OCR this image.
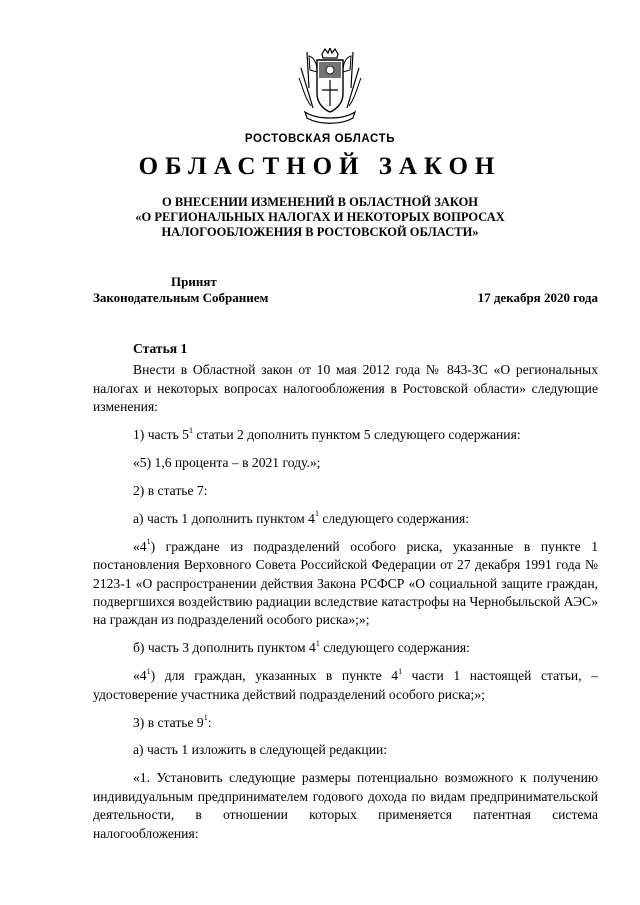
РОСТОВСКАЯ ОБЛАСТЬ
ОБЛАСТНОЙ ЗАКОН
О ВНЕСЕНИИ ИЗМЕНЕНИЙ В ОБЛАСТНОЙ ЗАКОН
«О РЕГИОНАЛЬНЫХ НАЛОГАХ И НЕКОТОРЫХ ВОПРОСАХ
НАЛОГООБЛОЖЕНИЯ В РОСТОВСКОЙ ОБЛАСТИ»
Принят
Законодательным Собранием	17 декабря 2020 года
Статья 1

Внести в Областной закон от 10 мая 2012 года № 843-ЗС «О региональных налогах и некоторых вопросах налогообложения в Ростовской области» следующие изменения:

1) часть $5^1$ статьи 2 дополнить пунктом 5 следующего содержания:

«5) 1,6 процента – в 2021 году.»;

2) в статье 7:

а) часть 1 дополнить пунктом $4^1$ следующего содержания:

«$4^1$) граждане из подразделений особого риска, указанные в пункте 1 постановления Верховного Совета Российской Федерации от 27 декабря 1991 года № 2123-1 «О распространении действия Закона РСФСР «О социальной защите граждан, подвергшихся воздействию радиации вследствие катастрофы на Чернобыльской АЭС» на граждан из подразделений особого риска»;»;

б) часть 3 дополнить пунктом $4^1$ следующего содержания:

«$4^1$) для граждан, указанных в пункте $4^1$ части 1 настоящей статьи, – удостоверение участника действий подразделений особого риска;»;

3) в статье $9^1$:

а) часть 1 изложить в следующей редакции:

«1. Установить следующие размеры потенциально возможного к получению индивидуальным предпринимателем годового дохода по видам предпринимательской деятельности, в отношении которых применяется патентная система налогообложения:
